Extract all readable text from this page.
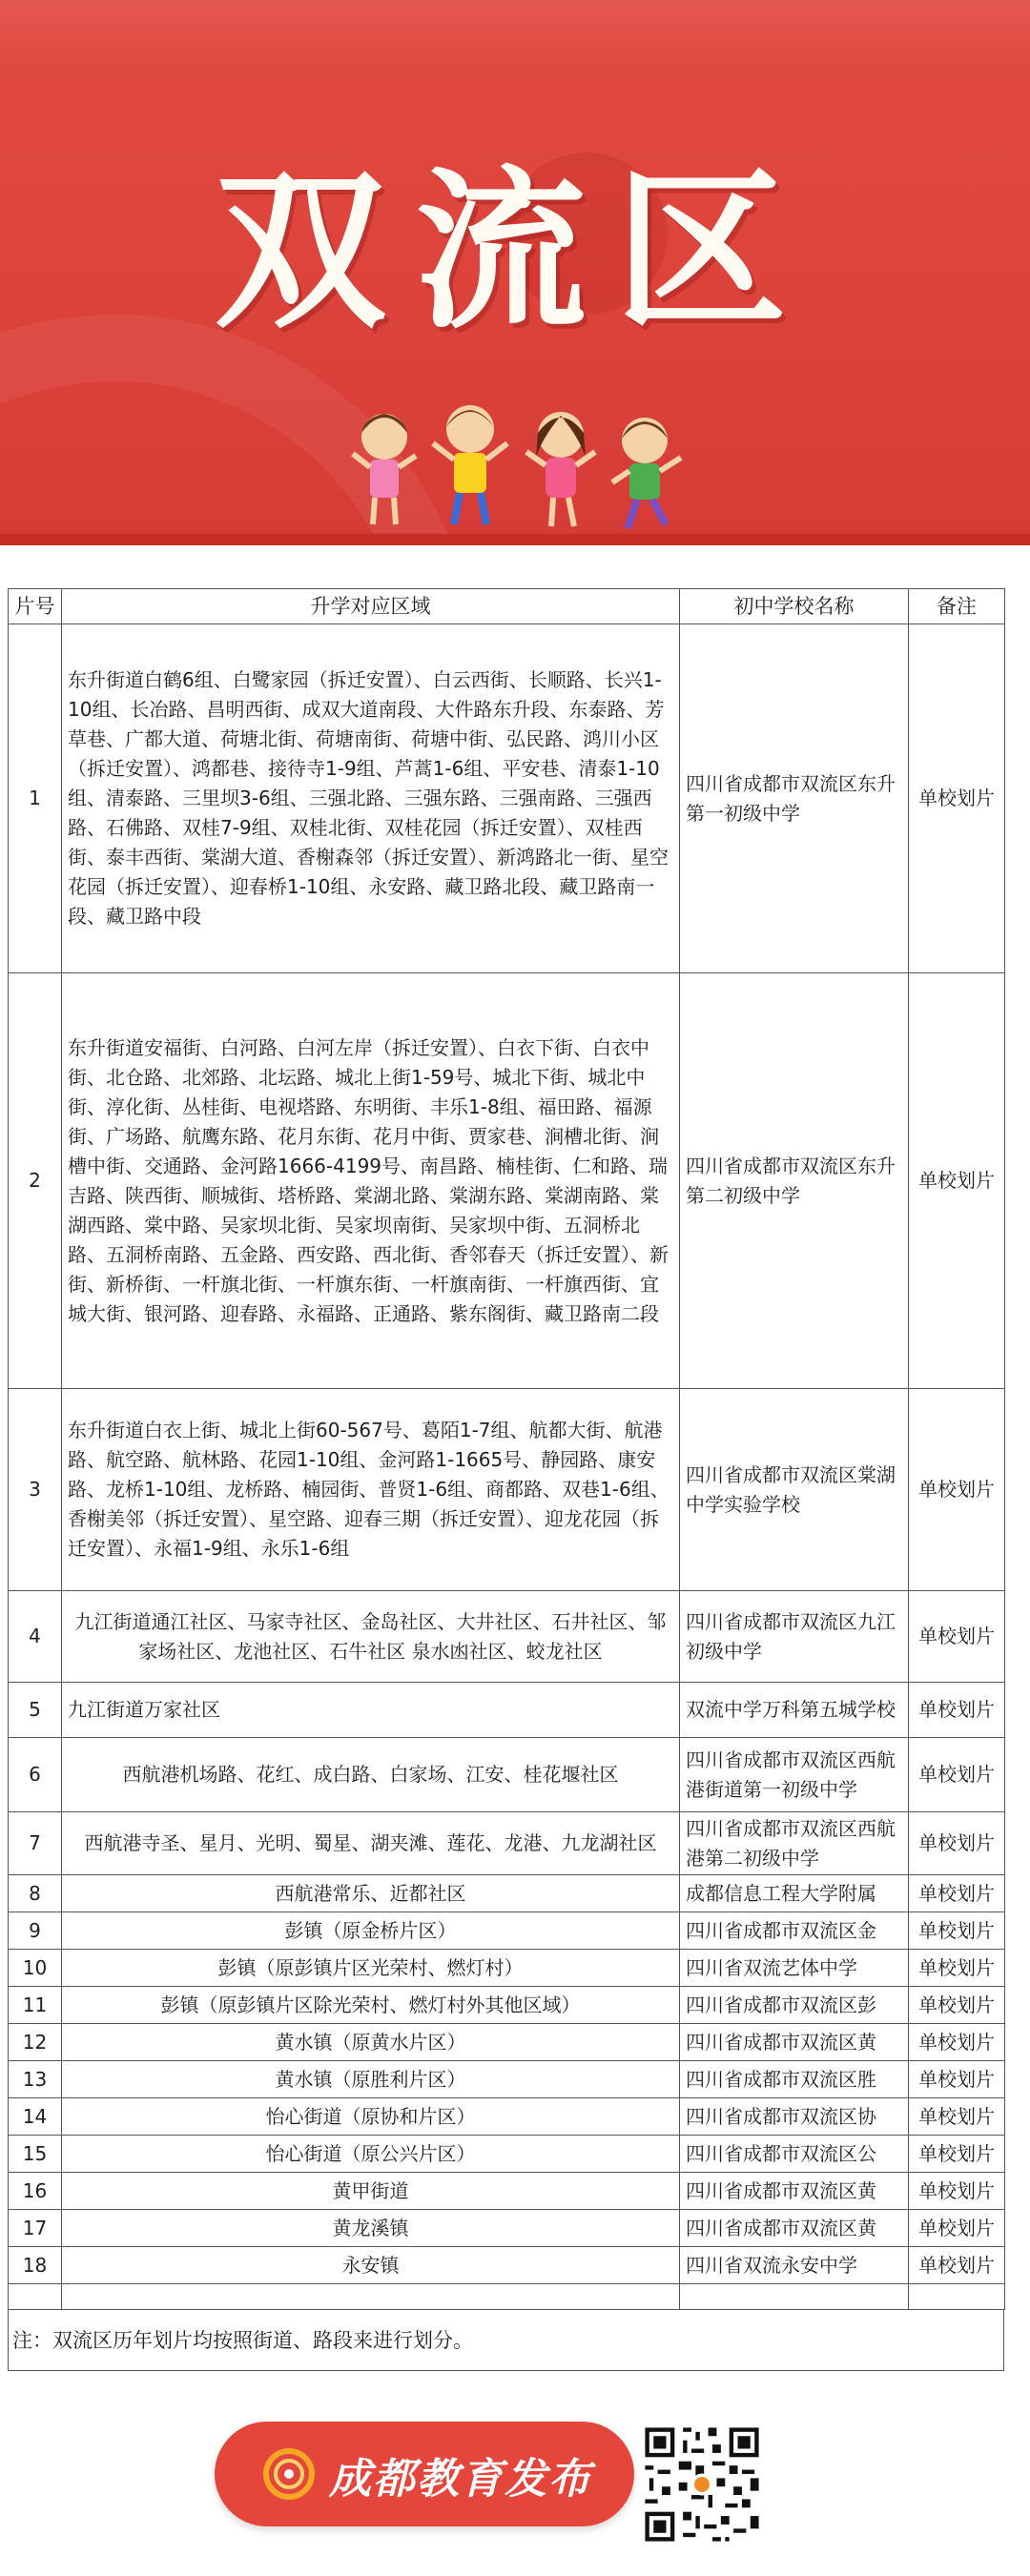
双流区
片号	升学对应区域	初中学校名称	备注
1	东升街道白鹤6组、白鹭家园（拆迁安置）、白云西街、长顺路、长兴1-10组、长冶路、昌明西街、成双大道南段、大件路东升段、东泰路、芳草巷、广都大道、荷塘北街、荷塘南街、荷塘中街、弘民路、鸿川小区（拆迁安置）、鸿都巷、接待寺1-9组、芦蒿1-6组、平安巷、清泰1-10组、清泰路、三里坝3-6组、三强北路、三强东路、三强南路、三强西路、石佛路、双桂7-9组、双桂北街、双桂花园（拆迁安置）、双桂西街、泰丰西街、棠湖大道、香榭森邻（拆迁安置）、新鸿路北一街、星空花园（拆迁安置）、迎春桥1-10组、永安路、藏卫路北段、藏卫路南一段、藏卫路中段	四川省成都市双流区东升第一初级中学	单校划片
2	东升街道安福街、白河路、白河左岸（拆迁安置）、白衣下街、白衣中街、北仓路、北郊路、北坛路、城北上街1-59号、城北下街、城北中街、淳化街、丛桂街、电视塔路、东明街、丰乐1-8组、福田路、福源街、广场路、航鹰东路、花月东街、花月中街、贾家巷、涧槽北街、涧槽中街、交通路、金河路1666-4199号、南昌路、楠桂街、仁和路、瑞吉路、陕西街、顺城街、塔桥路、棠湖北路、棠湖东路、棠湖南路、棠湖西路、棠中路、吴家坝北街、吴家坝南街、吴家坝中街、五洞桥北路、五洞桥南路、五金路、西安路、西北街、香邻春天（拆迁安置）、新街、新桥街、一杆旗北街、一杆旗东街、一杆旗南街、一杆旗西街、宜城大街、银河路、迎春路、永福路、正通路、紫东阁街、藏卫路南二段	四川省成都市双流区东升第二初级中学	单校划片
3	东升街道白衣上街、城北上街60-567号、葛陌1-7组、航都大街、航港路、航空路、航林路、花园1-10组、金河路1-1665号、静园路、康安路、龙桥1-10组、龙桥路、楠园街、普贤1-6组、商都路、双巷1-6组、香榭美邻（拆迁安置）、星空路、迎春三期（拆迁安置）、迎龙花园（拆迁安置）、永福1-9组、永乐1-6组	四川省成都市双流区棠湖中学实验学校	单校划片
4	九江街道通江社区、马家寺社区、金岛社区、大井社区、石井社区、邹家场社区、龙池社区、石牛社区 泉水凼社区、蛟龙社区	四川省成都市双流区九江初级中学	单校划片
5	九江街道万家社区	双流中学万科第五城学校	单校划片
6	西航港机场路、花红、成白路、白家场、江安、桂花堰社区	四川省成都市双流区西航港街道第一初级中学	单校划片
7	西航港寺圣、星月、光明、蜀星、湖夹滩、莲花、龙港、九龙湖社区	四川省成都市双流区西航港第二初级中学	单校划片
8	西航港常乐、近都社区	成都信息工程大学附属	单校划片
9	彭镇（原金桥片区）	四川省成都市双流区金	单校划片
10	彭镇（原彭镇片区光荣村、燃灯村）	四川省双流艺体中学	单校划片
11	彭镇（原彭镇片区除光荣村、燃灯村外其他区域）	四川省成都市双流区彭	单校划片
12	黄水镇（原黄水片区）	四川省成都市双流区黄	单校划片
13	黄水镇（原胜利片区）	四川省成都市双流区胜	单校划片
14	怡心街道（原协和片区）	四川省成都市双流区协	单校划片
15	怡心街道（原公兴片区）	四川省成都市双流区公	单校划片
16	黄甲街道	四川省成都市双流区黄	单校划片
17	黄龙溪镇	四川省成都市双流区黄	单校划片
18	永安镇	四川省双流永安中学	单校划片

注：双流区历年划片均按照街道、路段来进行划分。
成都教育发布
